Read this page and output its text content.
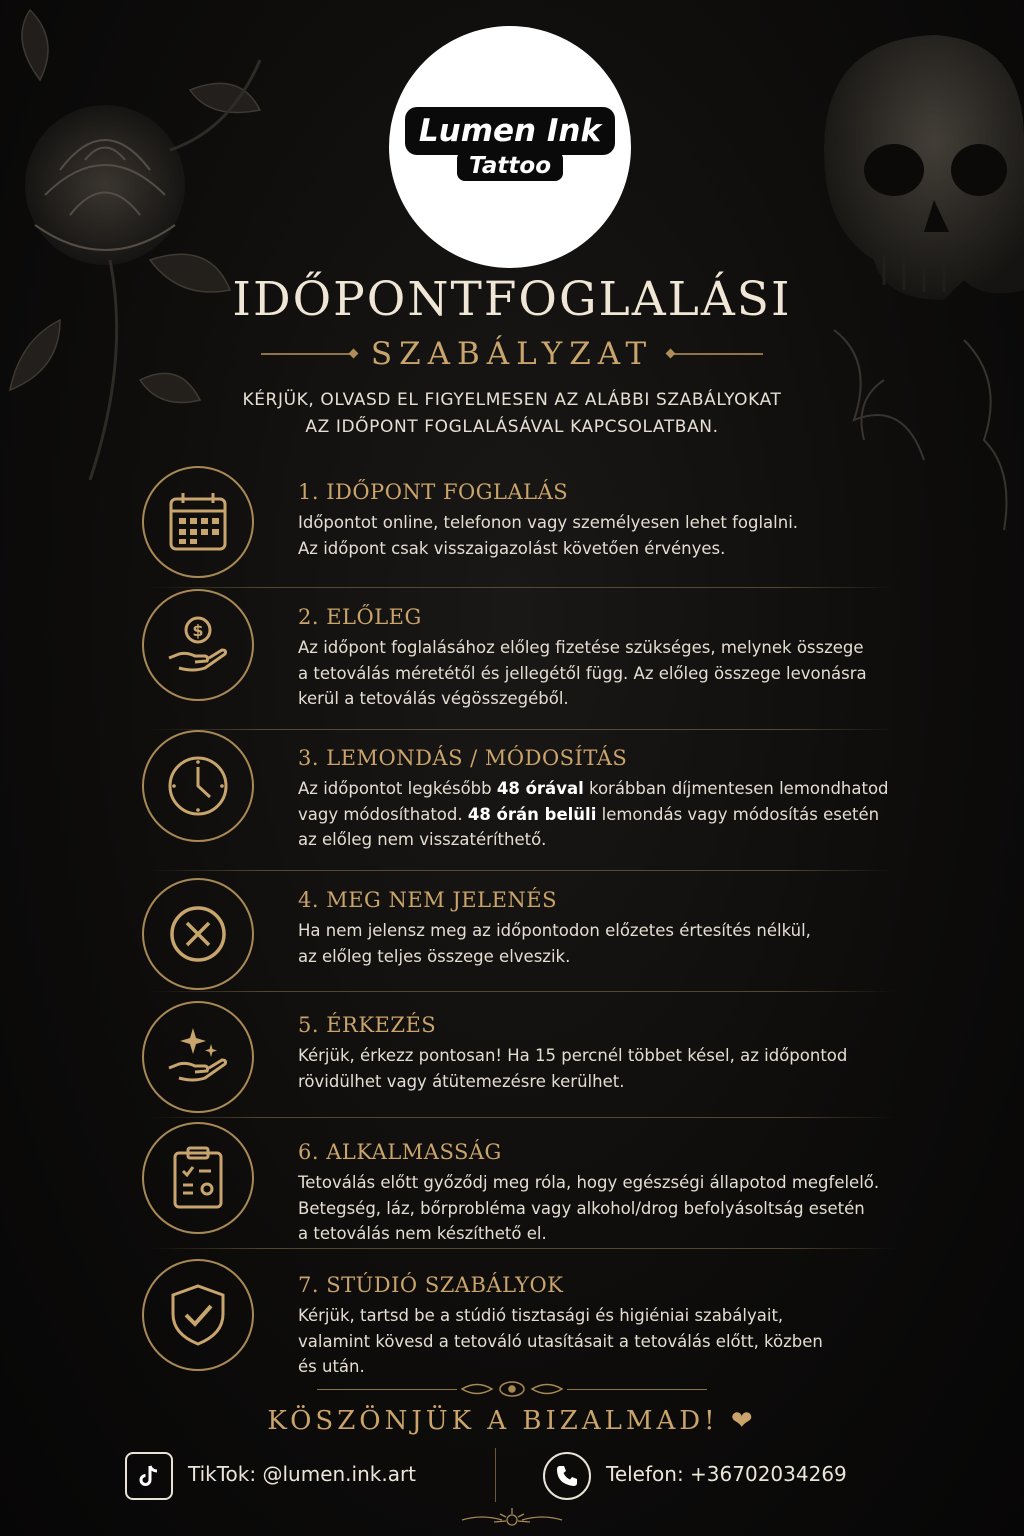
Lumen Ink
Tattoo
IDŐPONTFOGLALÁSI
SZABÁLYZAT
KÉRJÜK, OLVASD EL FIGYELMESEN AZ ALÁBBI SZABÁLYOKAT
AZ IDŐPONT FOGLALÁSÁVAL KAPCSOLATBAN.
1. IDŐPONT FOGLALÁS
Időpontot online, telefonon vagy személyesen lehet foglalni.
Az időpont csak visszaigazolást követően érvényes.
$
2. ELŐLEG
Az időpont foglalásához előleg fizetése szükséges, melynek összege
a tetoválás méretétől és jellegétől függ. Az előleg összege levonásra
kerül a tetoválás végösszegéből.
3. LEMONDÁS / MÓDOSÍTÁS
Az időpontot legkésőbb 48 órával korábban díjmentesen lemondhatod
vagy módosíthatod. 48 órán belüli lemondás vagy módosítás esetén
az előleg nem visszatéríthető.
4. MEG NEM JELENÉS
Ha nem jelensz meg az időpontodon előzetes értesítés nélkül,
az előleg teljes összege elveszik.
5. ÉRKEZÉS
Kérjük, érkezz pontosan! Ha 15 percnél többet késel, az időpontod
rövidülhet vagy átütemezésre kerülhet.
6. ALKALMASSÁG
Tetoválás előtt győződj meg róla, hogy egészségi állapotod megfelelő.
Betegség, láz, bőrprobléma vagy alkohol/drog befolyásoltság esetén
a tetoválás nem készíthető el.
7. STÚDIÓ SZABÁLYOK
Kérjük, tartsd be a stúdió tisztasági és higiéniai szabályait,
valamint kövesd a tetováló utasításait a tetoválás előtt, közben
és után.
KÖSZÖNJÜK A BIZALMAD! ❤
TikTok: @lumen.ink.art	Telefon: +36702034269
